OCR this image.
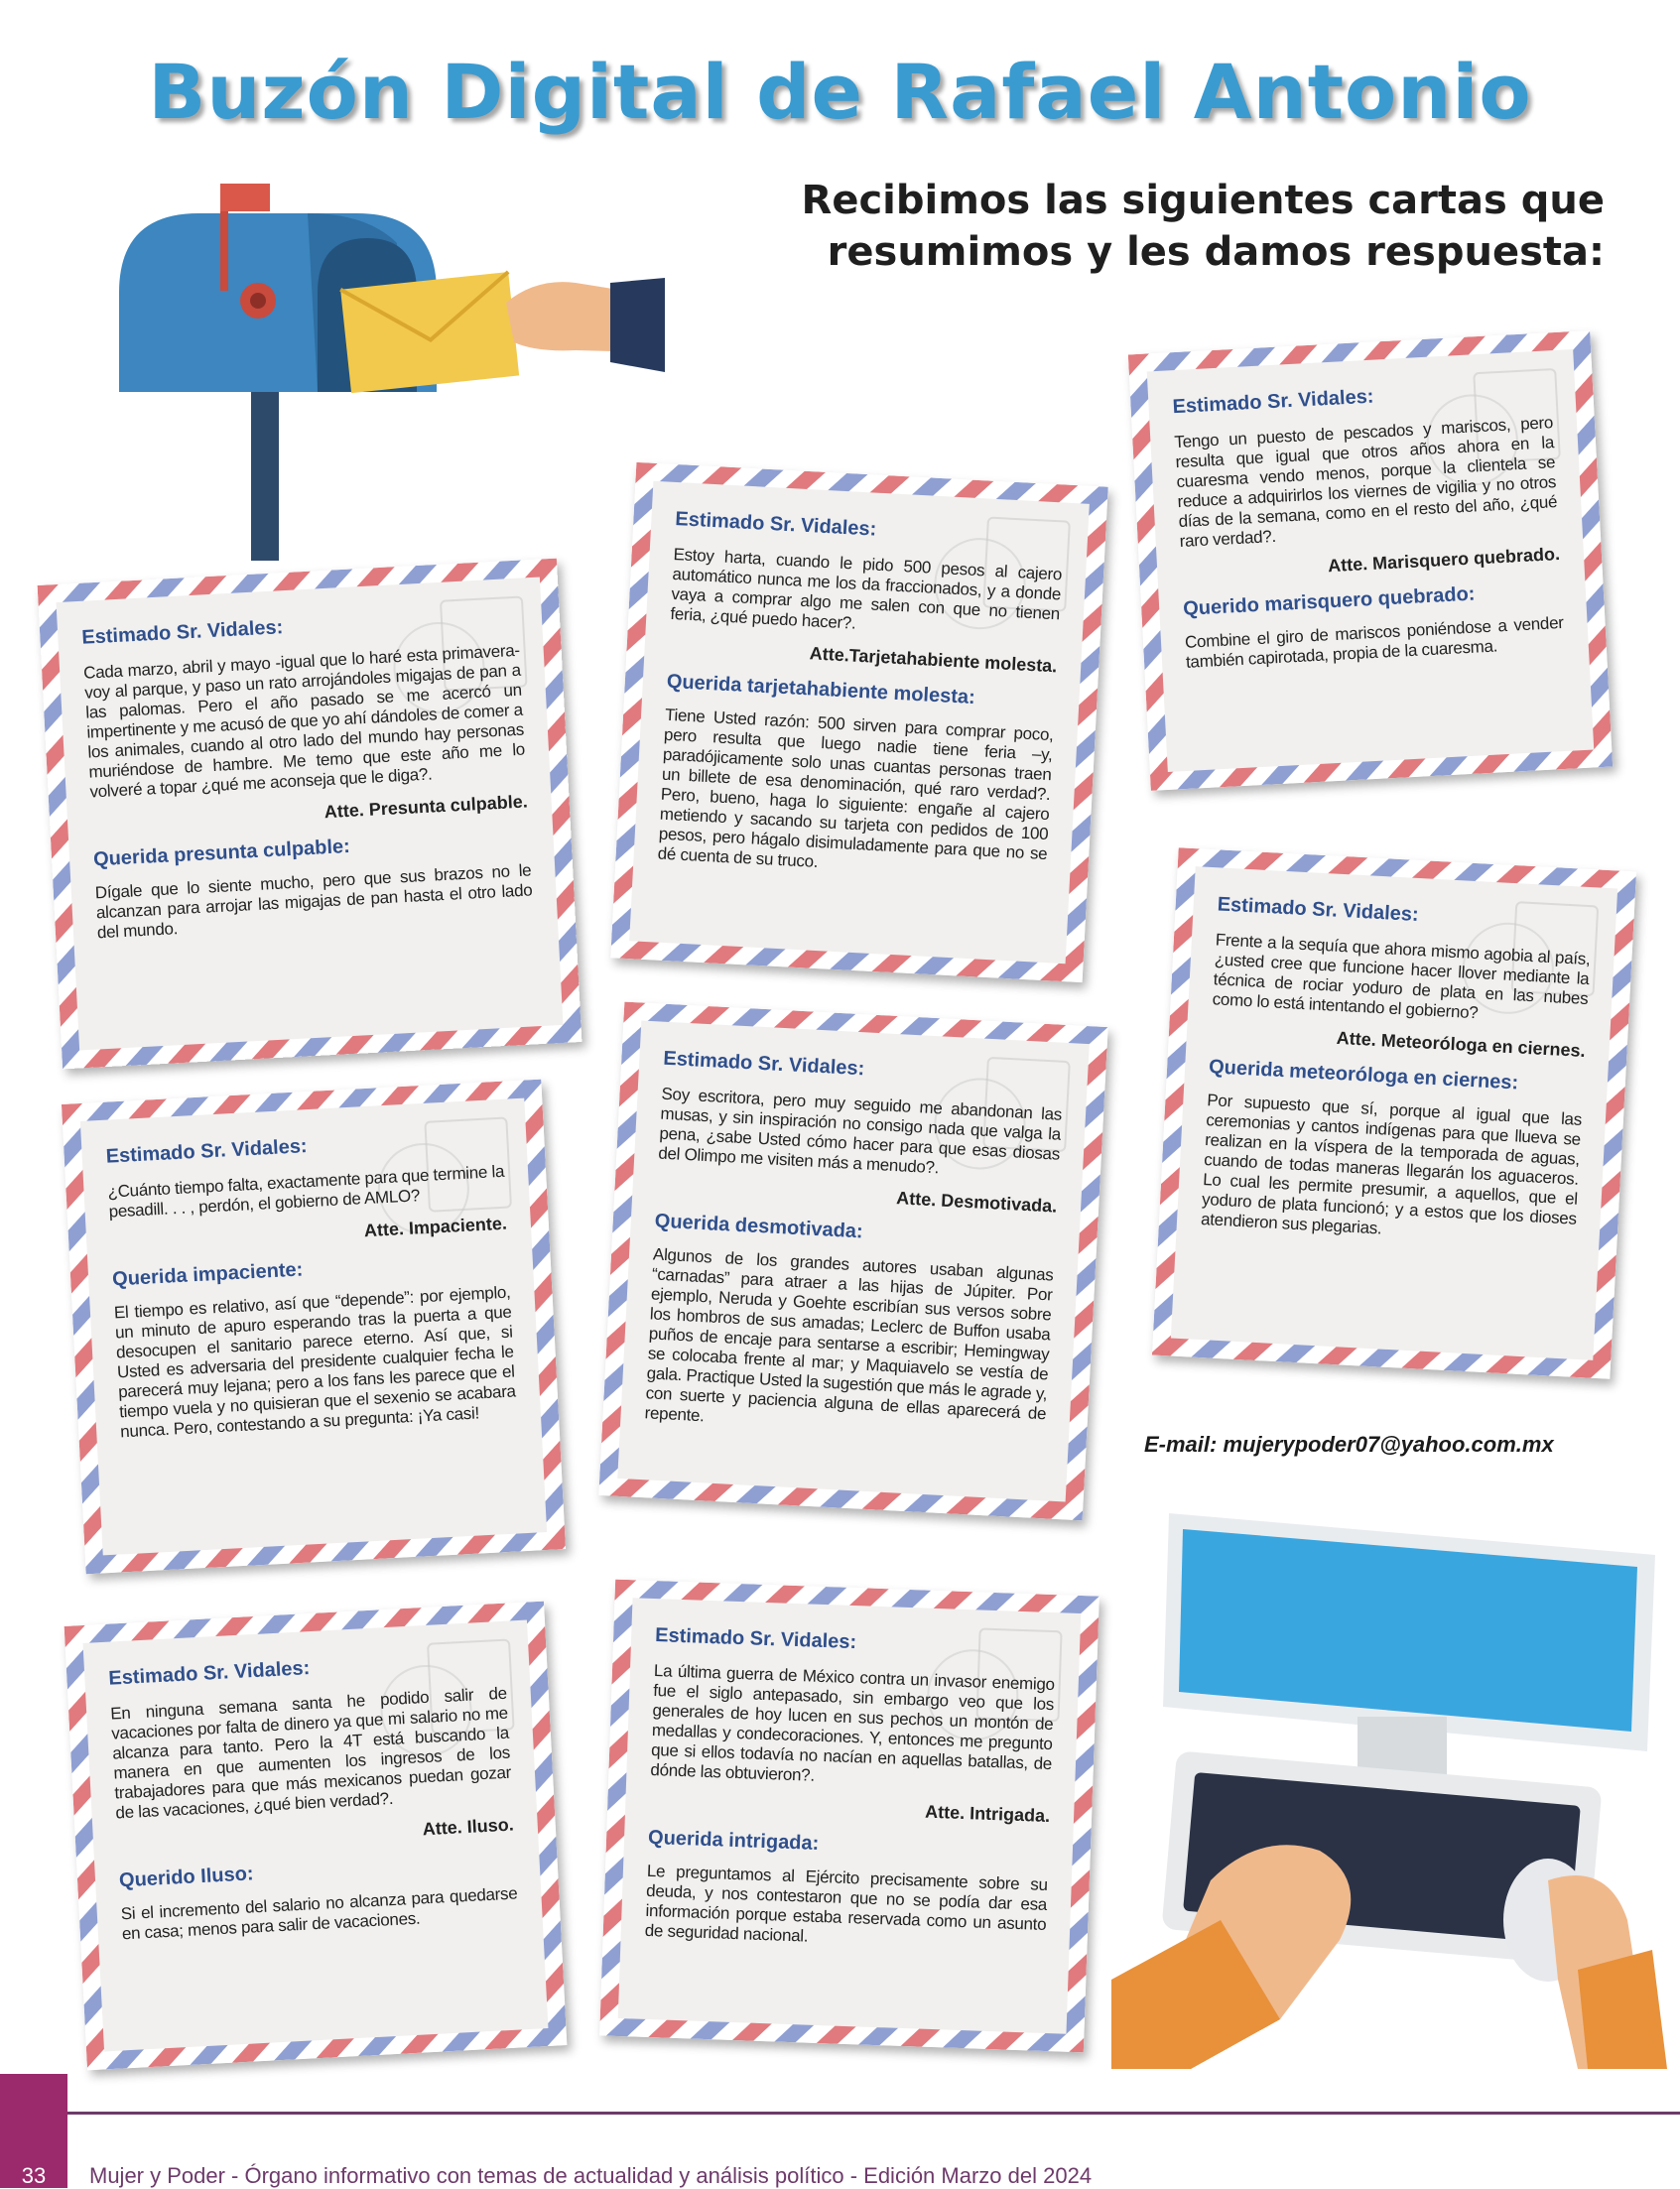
Buzón Digital de Rafael Antonio
Recibimos las siguientes cartas que resumimos y les damos respuesta:
Estimado Sr. Vidales:
Cada marzo, abril y mayo -igual que lo haré esta primavera- voy al parque, y paso un rato arrojándoles migajas de pan a las palomas. Pero el año pasado se me acercó un impertinente y me acusó de que yo ahí dándoles de comer a los animales, cuando al otro lado del mundo hay personas muriéndose de hambre. Me temo que este año me lo volveré a topar ¿qué me aconseja que le diga?.
Atte. Presunta culpable.
Querida presunta culpable:
Dígale que lo siente mucho, pero que sus brazos no le alcanzan para arrojar las migajas de pan hasta el otro lado del mundo.
Estimado Sr. Vidales:
Estoy harta, cuando le pido 500 pesos al cajero automático nunca me los da fraccionados, y a donde vaya a comprar algo me salen con que no tienen feria, ¿qué puedo hacer?.
Atte.Tarjetahabiente molesta.
Querida tarjetahabiente molesta:
Tiene Usted razón: 500 sirven para comprar poco, pero resulta que luego nadie tiene feria –y, paradójicamente solo unas cuantas personas traen un billete de esa denominación, qué raro verdad?. Pero, bueno, haga lo siguiente: engañe al cajero metiendo y sacando su tarjeta con pedidos de 100 pesos, pero hágalo disimuladamente para que no se dé cuenta de su truco.
Estimado Sr. Vidales:
Tengo un puesto de pescados y mariscos, pero resulta que igual que otros años ahora en la cuaresma vendo menos, porque la clientela se reduce a adquirirlos los viernes de vigilia y no otros días de la semana, como en el resto del año, ¿qué raro verdad?.
Atte. Marisquero quebrado.
Querido marisquero quebrado:
Combine el giro de mariscos poniéndose a vender también capirotada, propia de la cuaresma.
Estimado Sr. Vidales:
¿Cuánto tiempo falta, exactamente para que termine la pesadill. . . , perdón, el gobierno de AMLO?
Atte. Impaciente.
Querida impaciente:
El tiempo es relativo, así que “depende”: por ejemplo, un minuto de apuro esperando tras la puerta a que desocupen el sanitario parece eterno. Así que, si Usted es adversaria del presidente cualquier fecha le parecerá muy lejana; pero a los fans les parece que el tiempo vuela y no quisieran que el sexenio se acabara nunca. Pero, contestando a su pregunta: ¡Ya casi!
Estimado Sr. Vidales:
Soy escritora, pero muy seguido me abandonan las musas, y sin inspiración no consigo nada que valga la pena, ¿sabe Usted cómo hacer para que esas diosas del Olimpo me visiten más a menudo?.
Atte. Desmotivada.
Querida desmotivada:
Algunos de los grandes autores usaban algunas “carnadas” para atraer a las hijas de Júpiter. Por ejemplo, Neruda y Goehte escribían sus versos sobre los hombros de sus amadas; Leclerc de Buffon usaba puños de encaje para sentarse a escribir; Hemingway se colocaba frente al mar; y Maquiavelo se vestía de gala. Practique Usted la sugestión que más le agrade y, con suerte y paciencia alguna de ellas aparecerá de repente.
Estimado Sr. Vidales:
Frente a la sequía que ahora mismo agobia al país, ¿usted cree que funcione hacer llover mediante la técnica de rociar yoduro de plata en las nubes como lo está intentando el gobierno?
Atte. Meteoróloga en ciernes.
Querida meteoróloga en ciernes:
Por supuesto que sí, porque al igual que las ceremonias y cantos indígenas para que llueva se realizan en la víspera de la temporada de aguas, cuando de todas maneras llegarán los aguaceros. Lo cual les permite presumir, a aquellos, que el yoduro de plata funcionó; y a estos que los dioses atendieron sus plegarias.
Estimado Sr. Vidales:
En ninguna semana santa he podido salir de vacaciones por falta de dinero ya que mi salario no me alcanza para tanto. Pero la 4T está buscando la manera en que aumenten los ingresos de los trabajadores para que más mexicanos puedan gozar de las vacaciones, ¿qué bien verdad?.
Atte. Iluso.
Querido Iluso:
Si el incremento del salario no alcanza para quedarse en casa; menos para salir de vacaciones.
Estimado Sr. Vidales:
La última guerra de México contra un invasor enemigo fue el siglo antepasado, sin embargo veo que los generales de hoy lucen en sus pechos un montón de medallas y condecoraciones. Y, entonces me pregunto que si ellos todavía no nacían en aquellas batallas, de dónde las obtuvieron?.
Atte. Intrigada.
Querida intrigada:
Le preguntamos al Ejército precisamente sobre su deuda, y nos contestaron que no se podía dar esa información porque estaba reservada como un asunto de seguridad nacional.
E-mail: mujerypoder07@yahoo.com.mx
33	Mujer y Poder - Órgano informativo con temas de actualidad y análisis político - Edición Marzo del 2024
